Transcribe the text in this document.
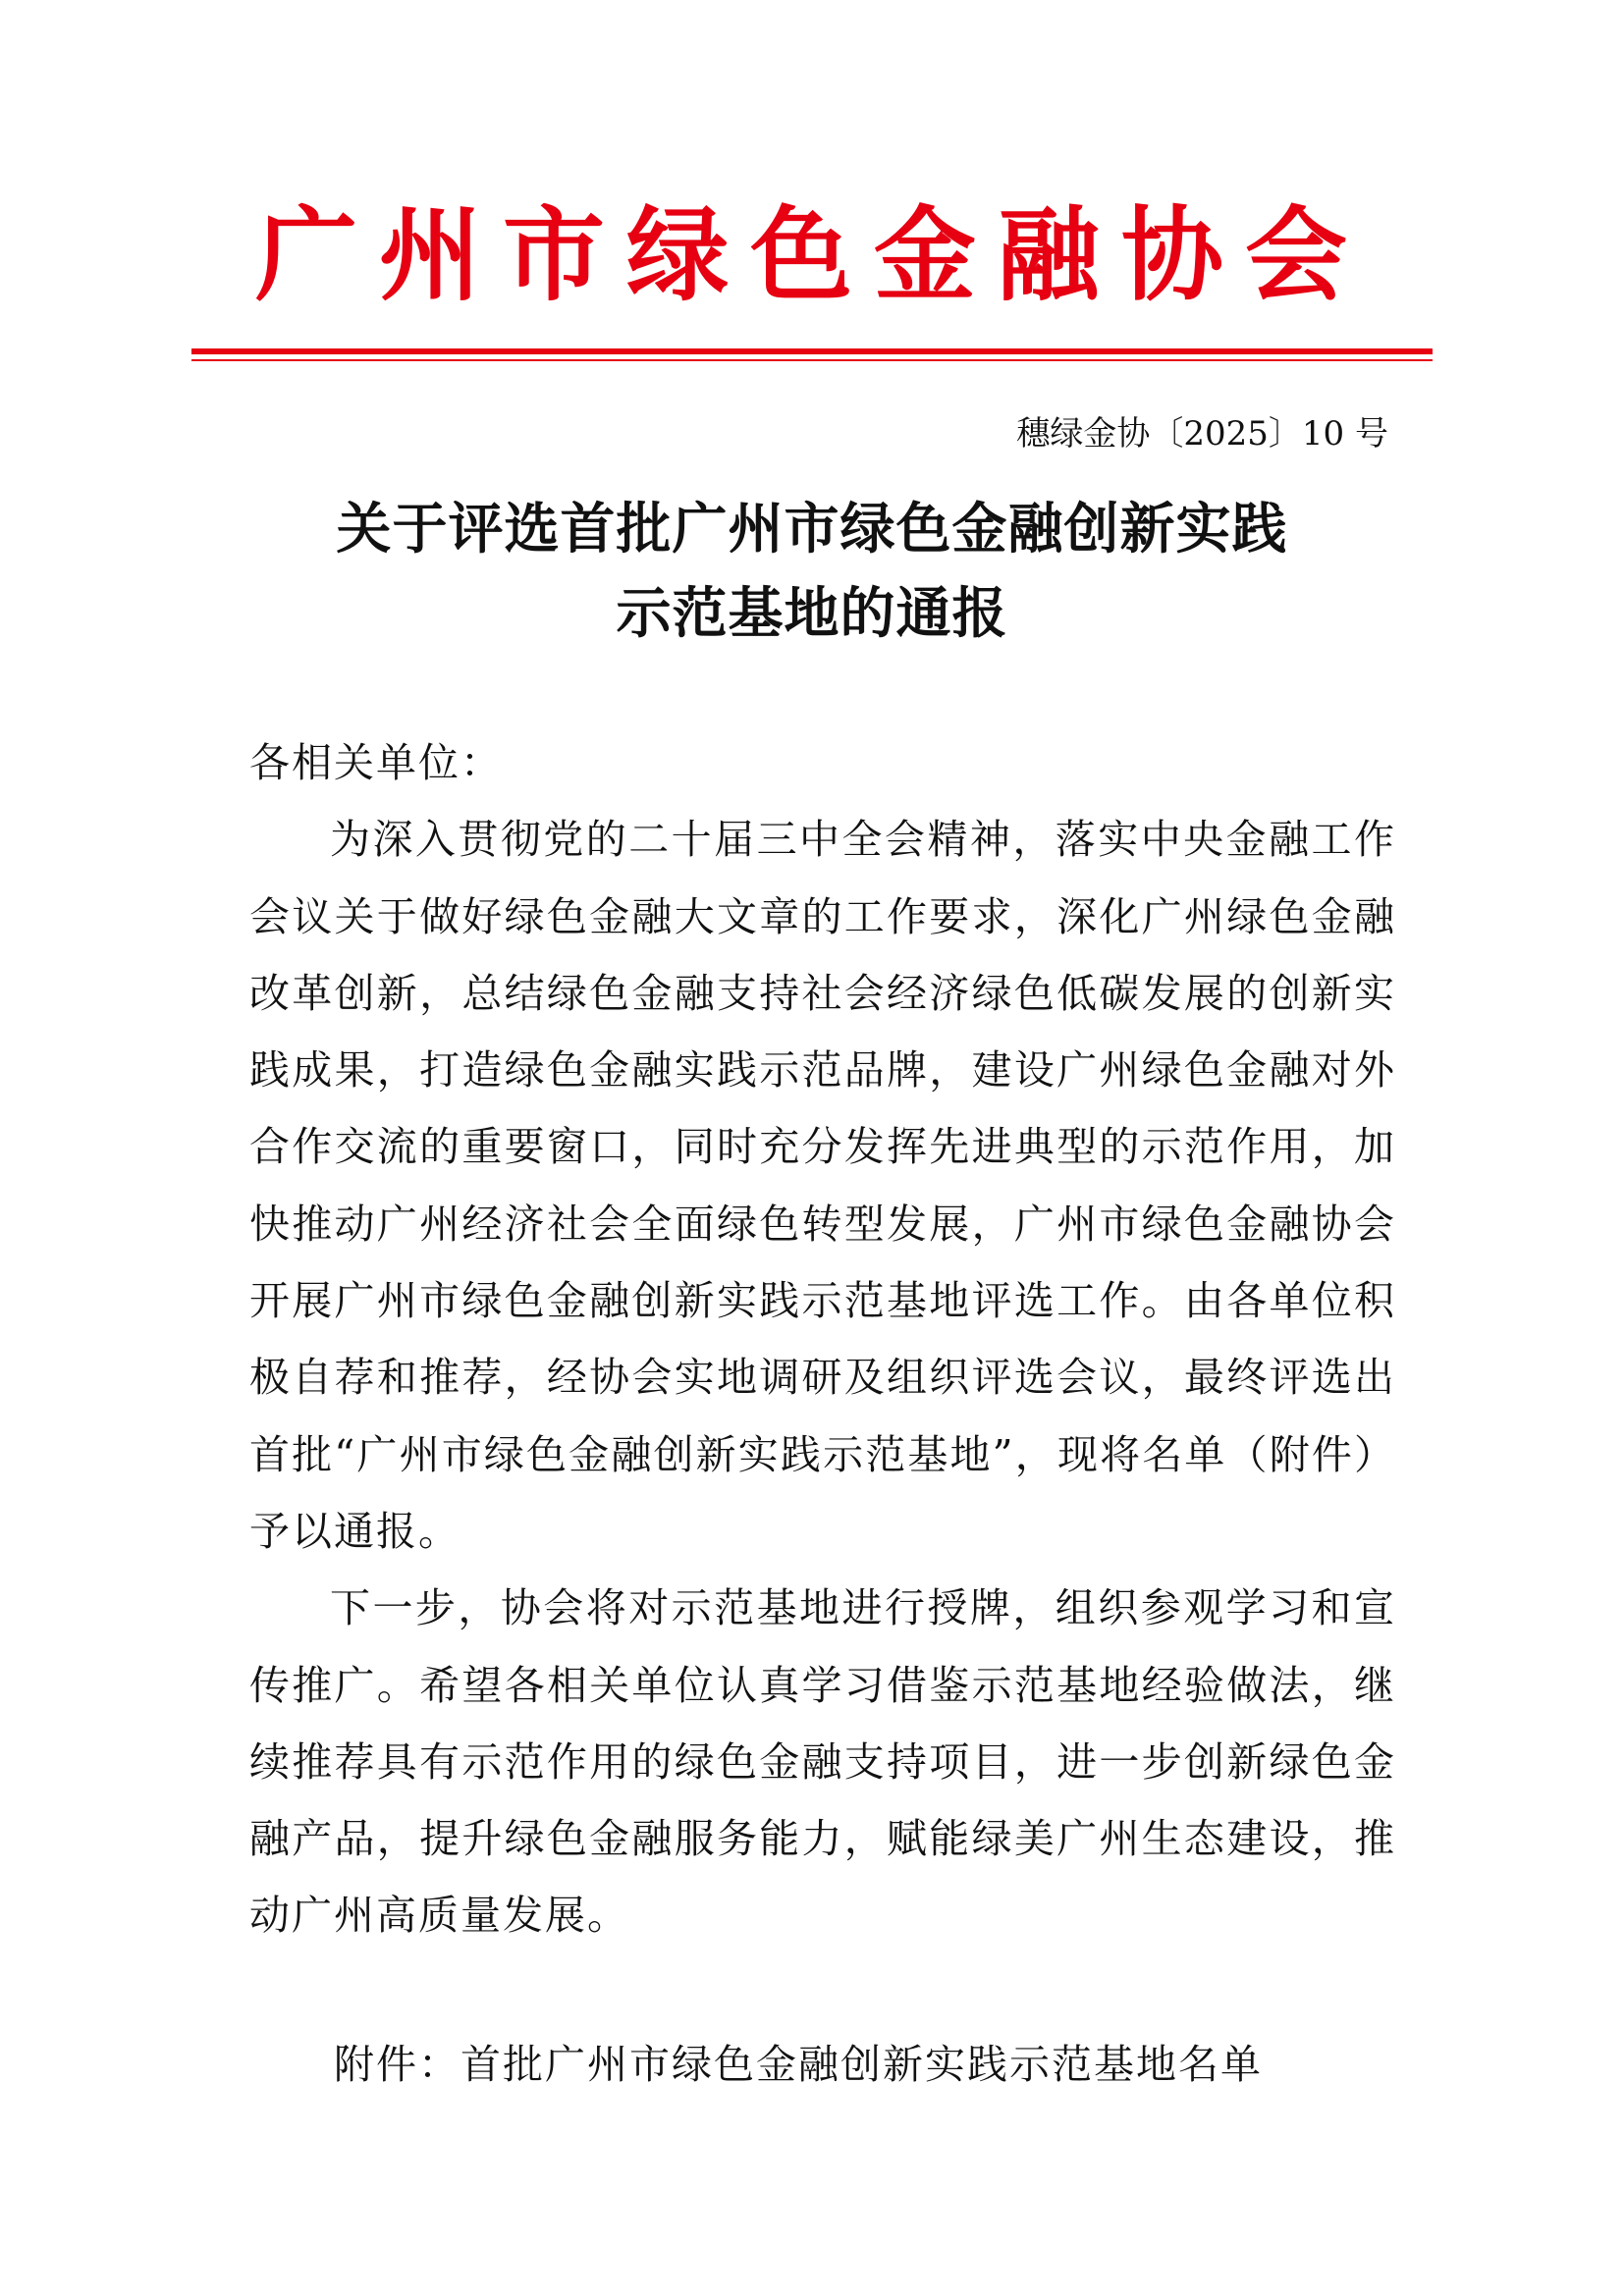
广州市绿色金融协会
穗绿金协〔2025〕10 号
关于评选首批广州市绿色金融创新实践
示范基地的通报

各相关单位：

为深入贯彻党的二十届三中全会精神，落实中央金融工作会议关于做好绿色金融大文章的工作要求，深化广州绿色金融改革创新，总结绿色金融支持社会经济绿色低碳发展的创新实践成果，打造绿色金融实践示范品牌，建设广州绿色金融对外合作交流的重要窗口，同时充分发挥先进典型的示范作用，加快推动广州经济社会全面绿色转型发展，广州市绿色金融协会开展广州市绿色金融创新实践示范基地评选工作。由各单位积极自荐和推荐，经协会实地调研及组织评选会议，最终评选出首批“广州市绿色金融创新实践示范基地”，现将名单（附件）予以通报。

下一步，协会将对示范基地进行授牌，组织参观学习和宣传推广。希望各相关单位认真学习借鉴示范基地经验做法，继续推荐具有示范作用的绿色金融支持项目，进一步创新绿色金融产品，提升绿色金融服务能力，赋能绿美广州生态建设，推动广州高质量发展。

附件：首批广州市绿色金融创新实践示范基地名单
